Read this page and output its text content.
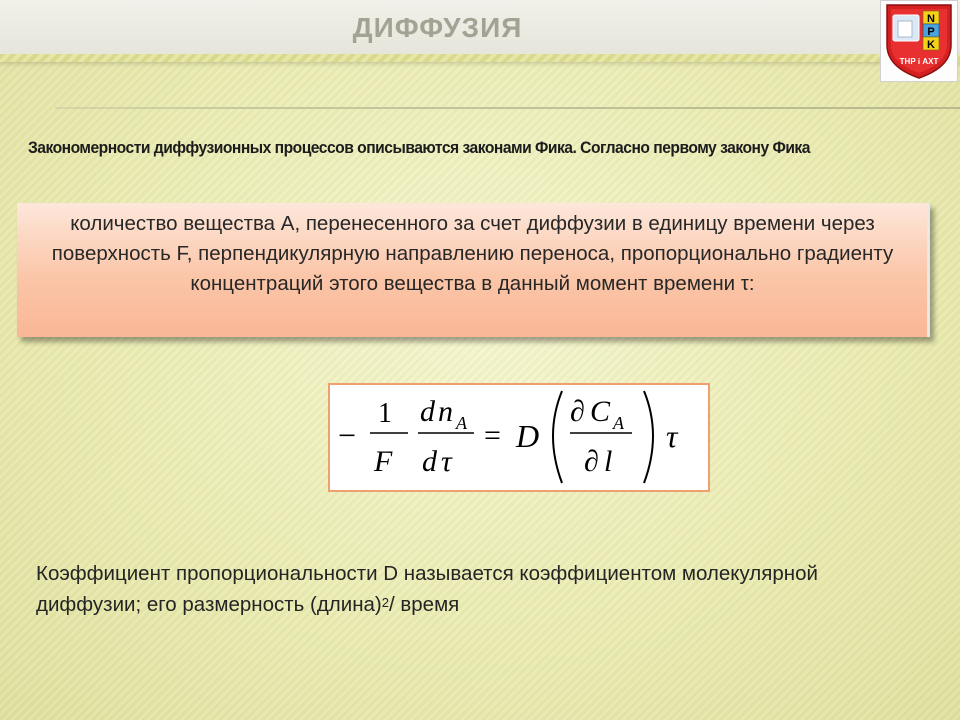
ДИФФУЗИЯ	N
P
K
ТНР і АХТ
Закономерности диффузионных процессов описываются законами Фика. Согласно первому закону Фика
количество вещества А, перенесенного за счет диффузии в единицу времени через поверхность F, перпендикулярную направлению переноса, пропорционально градиенту концентраций этого вещества в данный момент времени τ:
−
1
F
d n A
d τ
= D
∂ C A
∂ l
τ
Коэффициент пропорциональности D называется коэффициентом молекулярной диффузии; его размерность (длина)$^2$/ время
